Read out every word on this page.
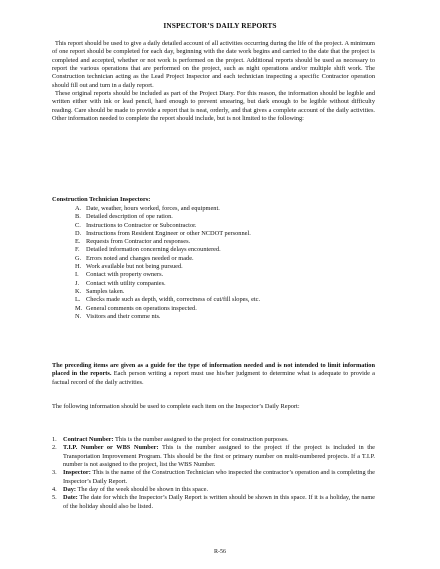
INSPECTOR’S DAILY REPORTS

This report should be used to give a daily detailed account of all activities occurring during the life of the project. A minimum of one report should be completed for each day, beginning with the date work begins and carried to the date that the project is completed and accepted, whether or not work is performed on the project. Additional reports should be used as necessary to report the various operations that are performed on the project, such as night operations and/or multiple shift work. The Construction technician acting as the Lead Project Inspector and each technician inspecting a specific Contractor operation should fill out and turn in a daily report.

These original reports should be included as part of the Project Diary. For this reason, the information should be legible and written either with ink or lead pencil, hard enough to prevent smearing, but dark enough to be legible without difficulty reading. Care should be made to provide a report that is neat, orderly, and that gives a complete account of the daily activities. Other information needed to complete the report should include, but is not limited to the following:

Construction Technician Inspectors:
A. Date, weather, hours worked, forces, and equipment.
B. Detailed description of ope ration.
C. Instructions to Contractor or Subcontractor.
D. Instructions from Resident Engineer or other NCDOT personnel.
E. Requests from Contractor and responses.
F.	Detailed information concerning delays encountered.
G. Errors noted and changes needed or made.
H. Work available but not being pursued.
I.	Contact with property owners.
J.	Contact with utility companies.
K. Samples taken.
L. Checks made such as depth, width, correctness of cut/fill slopes, etc.
M. General comments on operations inspected.
N. Visitors and their comme nts.
The preceding items are given as a guide for the type of information needed and is not intended to limit information placed in the reports. Each person writing a report must use his/her judgment to determine what is adequate to provide a factual record of the daily activities.
The following information should be used to complete each item on the Inspector’s Daily Report:
1. Contract Number: This is the number assigned to the project for construction purposes.
2. T.I.P. Number or WBS Number: This is the number assigned to the project if the project is included in the Transportation Improvement Program. This should be the first or primary number on multi-numbered projects. If a T.I.P. number is not assigned to the project, list the WBS Number.
3. Inspector: This is the name of the Construction Technician who inspected the contractor’s operation and is completing the Inspector’s Daily Report.
4. Day: The day of the week should be shown in this space.
5. Date: The date for which the Inspector’s Daily Report is written should be shown in this space. If it is a holiday, the name of the holiday should also be listed.
R-56
